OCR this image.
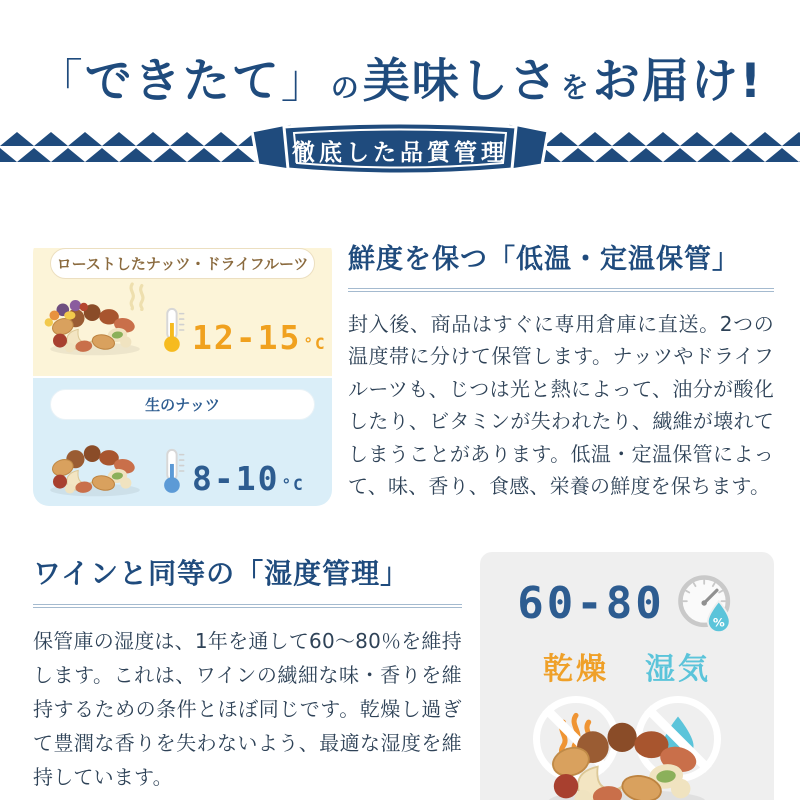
「 できたて 」 の 美味しさ を お届け!
徹底した品質管理
ローストしたナッツ・ドライフルーツ
12-15 °C
生のナッツ
8-10 °C
鮮度を保つ「低温・定温保管」

封入後、商品はすぐに専用倉庫に直送。2つの温度帯に分けて保管します。ナッツやドライフルーツも、じつは光と熱によって、油分が酸化したり、ビタミンが失われたり、繊維が壊れてしまうことがあります。低温・定温保管によって、味、香り、食感、栄養の鮮度を保ちます。

ワインと同等の「湿度管理」

保管庫の湿度は、1年を通して60〜80％を維持します。これは、ワインの繊細な味・香りを維持するための条件とほぼ同じです。乾燥し過ぎて豊潤な香りを失わないよう、最適な湿度を維持しています。

60-80	%
乾燥 湿気
